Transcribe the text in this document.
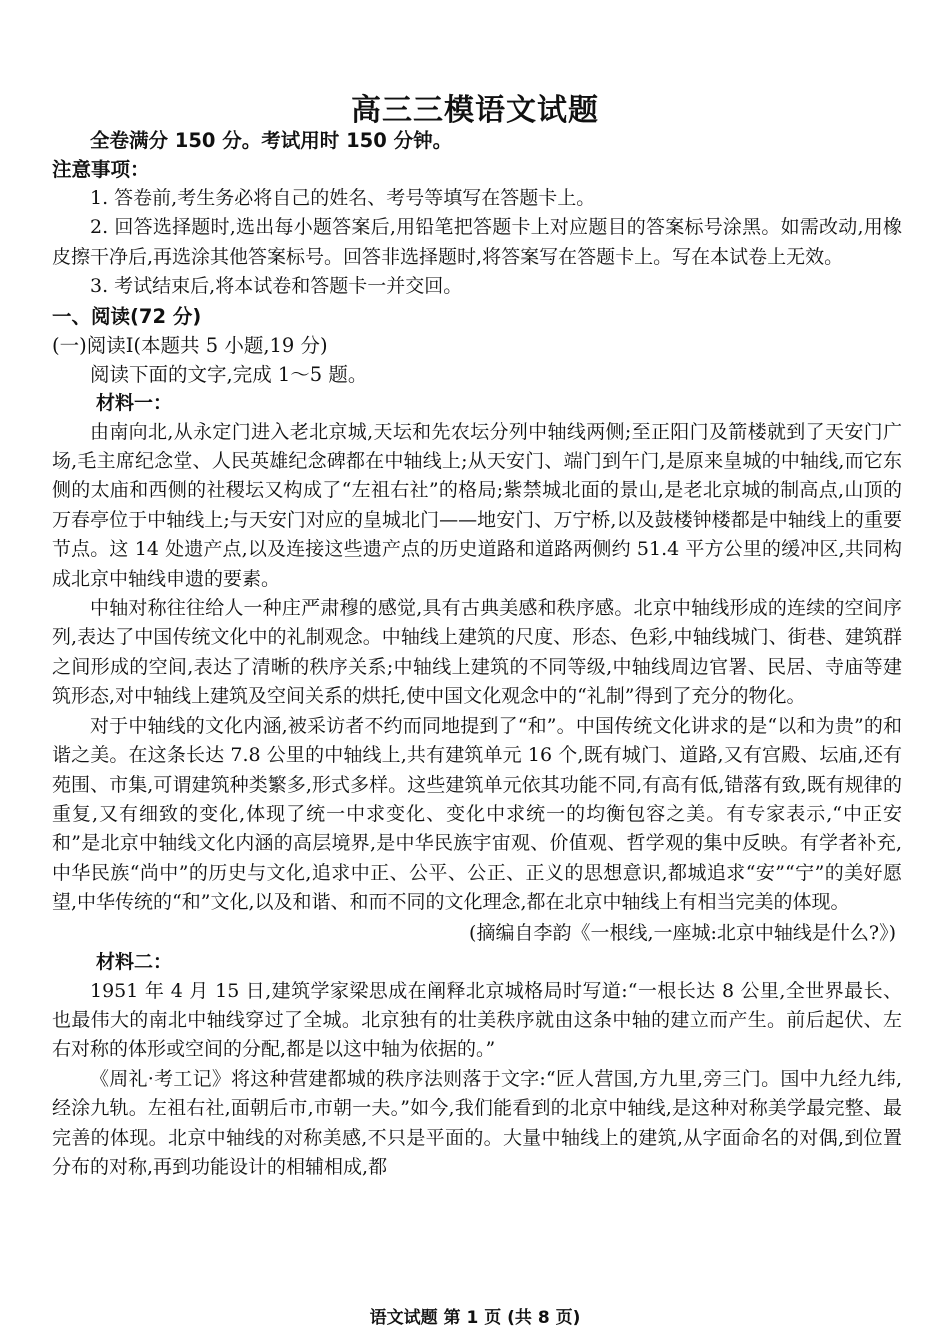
高三三模语文试题
全卷满分 150 分。考试用时 150 分钟。
注意事项：
1. 答卷前,考生务必将自己的姓名、考号等填写在答题卡上。
2. 回答选择题时,选出每小题答案后,用铅笔把答题卡上对应题目的答案标号涂黑。如需改动,用橡皮擦干净后,再选涂其他答案标号。回答非选择题时,将答案写在答题卡上。写在本试卷上无效。
3. 考试结束后,将本试卷和答题卡一并交回。
一、阅读(72 分)
(一)阅读Ⅰ(本题共 5 小题,19 分)
阅读下面的文字,完成 1～5 题。
材料一：

由南向北,从永定门进入老北京城,天坛和先农坛分列中轴线两侧;至正阳门及箭楼就到了天安门广场,毛主席纪念堂、人民英雄纪念碑都在中轴线上;从天安门、端门到午门,是原来皇城的中轴线,而它东侧的太庙和西侧的社稷坛又构成了“左祖右社”的格局;紫禁城北面的景山,是老北京城的制高点,山顶的万春亭位于中轴线上;与天安门对应的皇城北门——地安门、万宁桥,以及鼓楼钟楼都是中轴线上的重要节点。这 14 处遗产点,以及连接这些遗产点的历史道路和道路两侧约 51.4 平方公里的缓冲区,共同构成北京中轴线申遗的要素。

中轴对称往往给人一种庄严肃穆的感觉,具有古典美感和秩序感。北京中轴线形成的连续的空间序列,表达了中国传统文化中的礼制观念。中轴线上建筑的尺度、形态、色彩,中轴线城门、街巷、建筑群之间形成的空间,表达了清晰的秩序关系;中轴线上建筑的不同等级,中轴线周边官署、民居、寺庙等建筑形态,对中轴线上建筑及空间关系的烘托,使中国文化观念中的“礼制”得到了充分的物化。

对于中轴线的文化内涵,被采访者不约而同地提到了“和”。中国传统文化讲求的是“以和为贵”的和谐之美。在这条长达 7.8 公里的中轴线上,共有建筑单元 16 个,既有城门、道路,又有宫殿、坛庙,还有苑围、市集,可谓建筑种类繁多,形式多样。这些建筑单元依其功能不同,有高有低,错落有致,既有规律的重复,又有细致的变化,体现了统一中求变化、变化中求统一的均衡包容之美。有专家表示,“中正安和”是北京中轴线文化内涵的高层境界,是中华民族宇宙观、价值观、哲学观的集中反映。有学者补充,中华民族“尚中”的历史与文化,追求中正、公平、公正、正义的思想意识,都城追求“安”“宁”的美好愿望,中华传统的“和”文化,以及和谐、和而不同的文化理念,都在北京中轴线上有相当完美的体现。

(摘编自李韵《一根线,一座城:北京中轴线是什么?》)
材料二：

1951 年 4 月 15 日,建筑学家梁思成在阐释北京城格局时写道:“一根长达 8 公里,全世界最长、也最伟大的南北中轴线穿过了全城。北京独有的壮美秩序就由这条中轴的建立而产生。前后起伏、左右对称的体形或空间的分配,都是以这中轴为依据的。”

《周礼·考工记》将这种营建都城的秩序法则落于文字:“匠人营国,方九里,旁三门。国中九经九纬,经涂九轨。左祖右社,面朝后市,市朝一夫。”如今,我们能看到的北京中轴线,是这种对称美学最完整、最完善的体现。北京中轴线的对称美感,不只是平面的。大量中轴线上的建筑,从字面命名的对偶,到位置分布的对称,再到功能设计的相辅相成,都

语文试题 第 1 页 (共 8 页)
